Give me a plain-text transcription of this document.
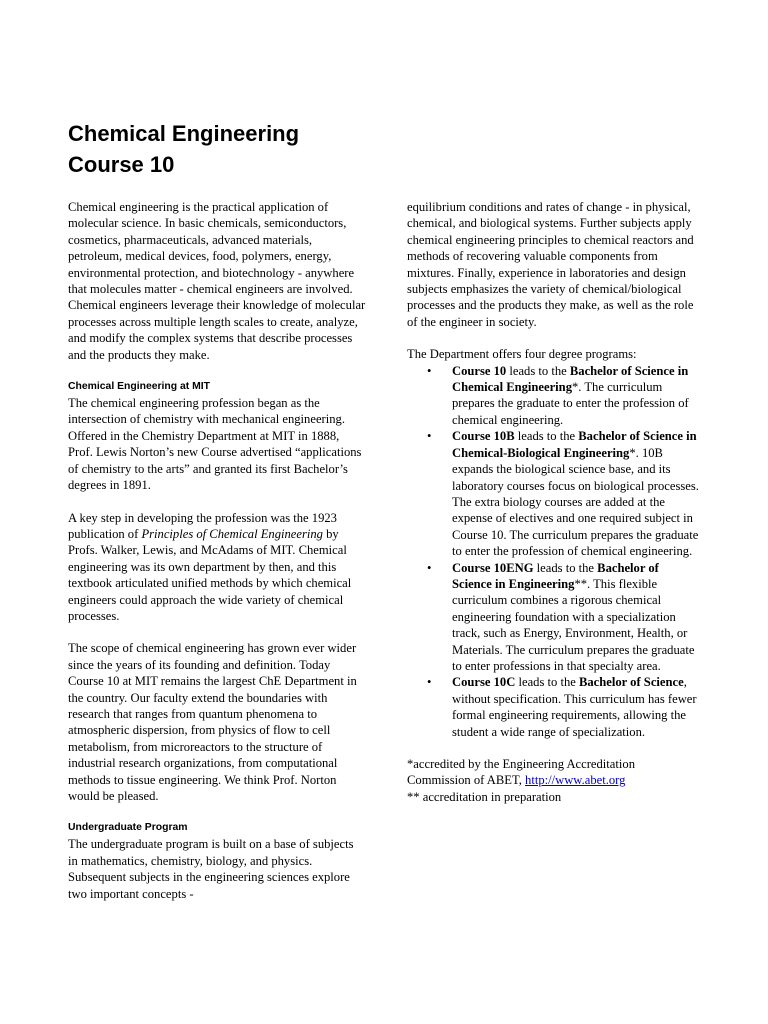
Chemical Engineering
Course 10

Chemical engineering is the practical application of molecular science. In basic chemicals, semiconductors, cosmetics, pharmaceuticals, advanced materials, petroleum, medical devices, food, polymers, energy, environmental protection, and biotechnology - anywhere that molecules matter - chemical engineers are involved. Chemical engineers leverage their knowledge of molecular processes across multiple length scales to create, analyze, and modify the complex systems that describe processes and the products they make.

Chemical Engineering at MIT

The chemical engineering profession began as the intersection of chemistry with mechanical engineering. Offered in the Chemistry Department at MIT in 1888, Prof. Lewis Norton’s new Course advertised “applications of chemistry to the arts” and granted its first Bachelor’s degrees in 1891.

A key step in developing the profession was the 1923 publication of Principles of Chemical Engineering by Profs. Walker, Lewis, and McAdams of MIT. Chemical engineering was its own department by then, and this textbook articulated unified methods by which chemical engineers could approach the wide variety of chemical processes.

The scope of chemical engineering has grown ever wider since the years of its founding and definition. Today Course 10 at MIT remains the largest ChE Department in the country. Our faculty extend the boundaries with research that ranges from quantum phenomena to atmospheric dispersion, from physics of flow to cell metabolism, from microreactors to the structure of industrial research organizations, from computational methods to tissue engineering. We think Prof. Norton would be pleased.

Undergraduate Program

The undergraduate program is built on a base of subjects in mathematics, chemistry, biology, and physics. Subsequent subjects in the engineering sciences explore two important concepts -

equilibrium conditions and rates of change - in physical, chemical, and biological systems. Further subjects apply chemical engineering principles to chemical reactors and methods of recovering valuable components from mixtures. Finally, experience in laboratories and design subjects emphasizes the variety of chemical/biological processes and the products they make, as well as the role of the engineer in society.

The Department offers four degree programs:

• Course 10 leads to the Bachelor of Science in Chemical Engineering*. The curriculum prepares the graduate to enter the profession of chemical engineering.
• Course 10B leads to the Bachelor of Science in Chemical-Biological Engineering*. 10B expands the biological science base, and its laboratory courses focus on biological processes. The extra biology courses are added at the expense of electives and one required subject in Course 10. The curriculum prepares the graduate to enter the profession of chemical engineering.
• Course 10ENG leads to the Bachelor of Science in Engineering**. This flexible curriculum combines a rigorous chemical engineering foundation with a specialization track, such as Energy, Environment, Health, or Materials. The curriculum prepares the graduate to enter professions in that specialty area.
• Course 10C leads to the Bachelor of Science, without specification. This curriculum has fewer formal engineering requirements, allowing the student a wide range of specialization.

*accredited by the Engineering Accreditation Commission of ABET, http://www.abet.org

** accreditation in preparation
